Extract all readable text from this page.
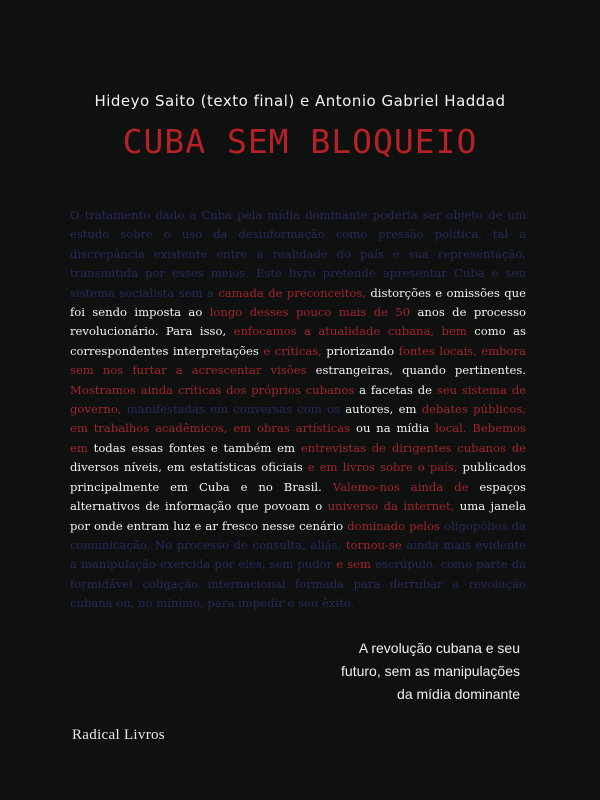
Hideyo Saito (texto final) e Antonio Gabriel Haddad
CUBA SEM BLOQUEIO

O tratamento dado a Cuba pela mídia dominante poderia ser objeto de um estudo sobre o uso da desinformação como pressão política, tal a discrepância existente entre a realidade do país e sua representação, transmitida por esses meios. Este livro pretende apresentar Cuba e seu sistema socialista sem a camada de preconceitos, distorções e omissões que foi sendo imposta ao longo desses pouco mais de 50 anos de processo revolucionário. Para isso, enfocamos a atualidade cubana, bem como as correspondentes interpretações e críticas, priorizando fontes locais, embora sem nos furtar a acrescentar visões estrangeiras, quando pertinentes. Mostramos ainda críticas dos próprios cubanos a facetas de seu sistema de governo, manifestadas em conversas com os autores, em debates públicos, em trabalhos acadêmicos, em obras artísticas ou na mídia local. Bebemos em todas essas fontes e também em entrevistas de dirigentes cubanos de diversos níveis, em estatísticas oficiais e em livros sobre o país, publicados principalmente em Cuba e no Brasil. Valemo-nos ainda de espaços alternativos de informação que povoam o universo da internet, uma janela por onde entram luz e ar fresco nesse cenário dominado pelos oligopólios da comunicação. No processo de consulta, aliás, tornou-se ainda mais evidente a manipulação exercida por eles, sem pudor e sem escrúpulo, como parte da formidável coligação internacional formada para derrubar a revolução cubana ou, no mínimo, para impedir o seu êxito.

A revolução cubana e seu
futuro, sem as manipulações
da mídia dominante
Radical Livros
